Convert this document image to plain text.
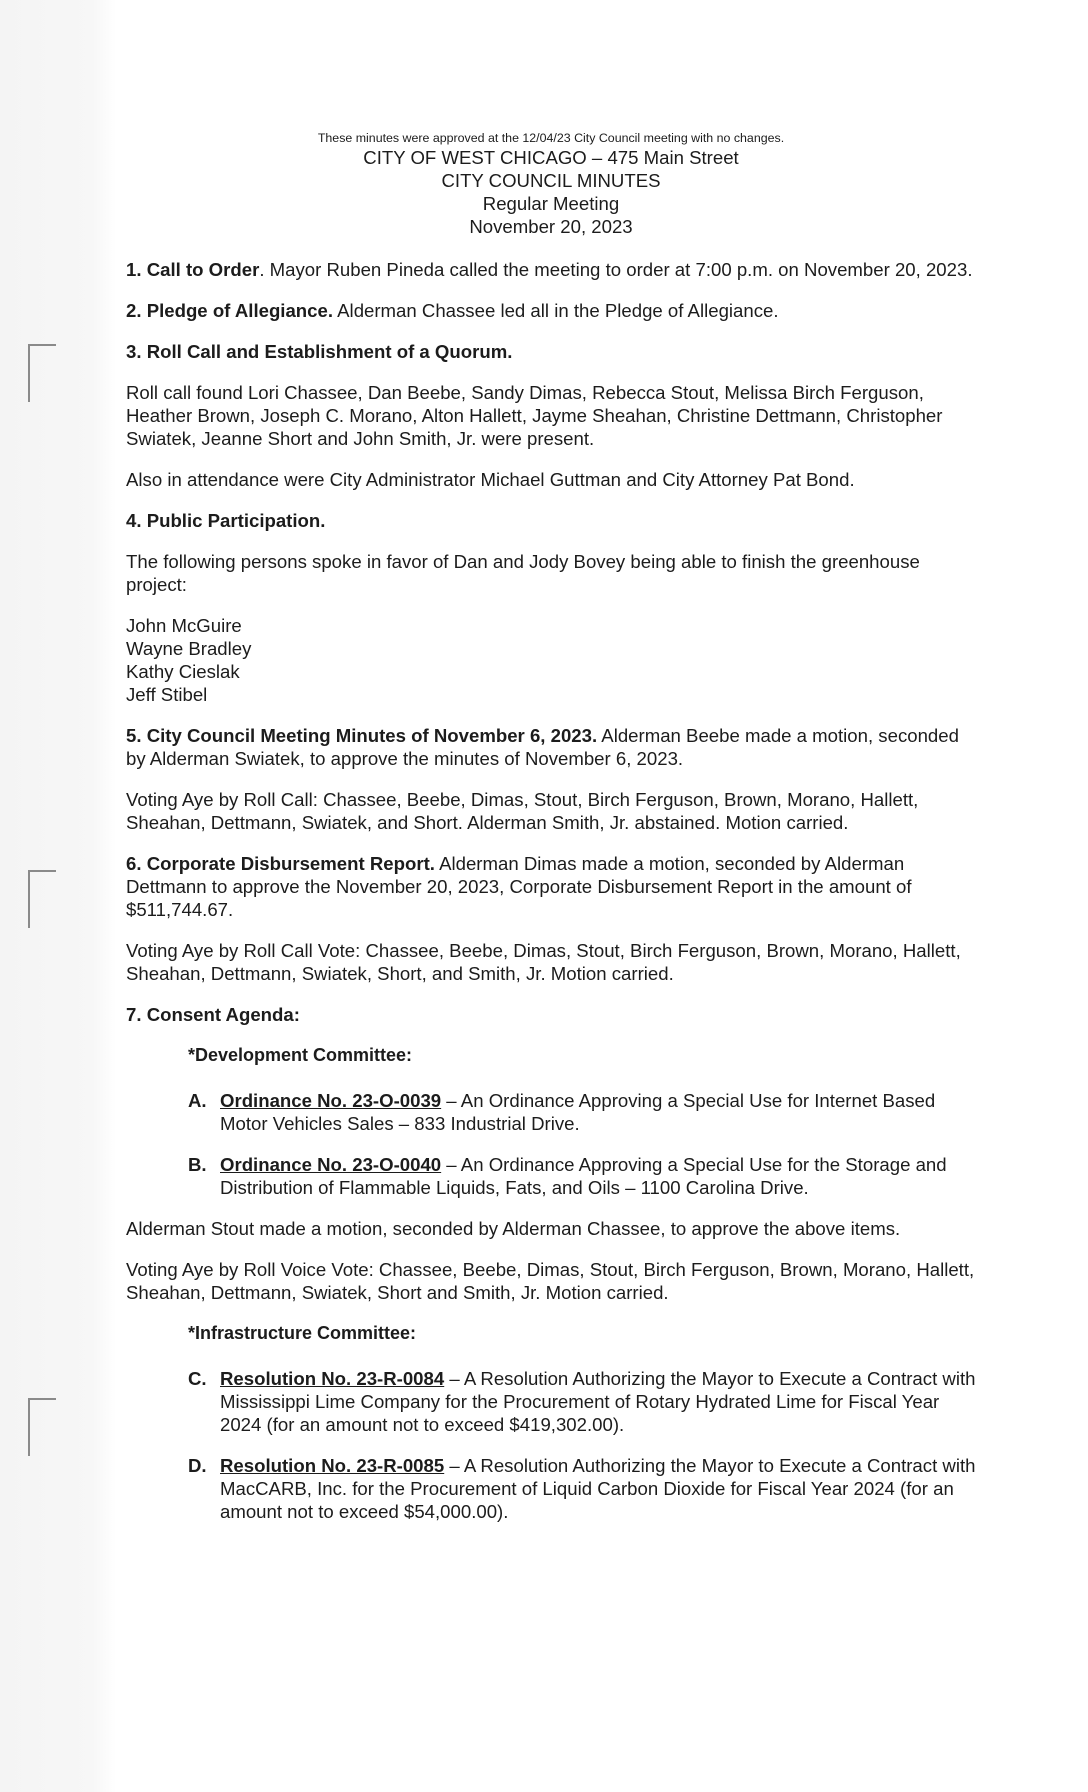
These minutes were approved at the 12/04/23 City Council meeting with no changes.
CITY OF WEST CHICAGO – 475 Main Street
CITY COUNCIL MINUTES
Regular Meeting
November 20, 2023

1. Call to Order. Mayor Ruben Pineda called the meeting to order at 7:00 p.m. on November 20, 2023.

2. Pledge of Allegiance. Alderman Chassee led all in the Pledge of Allegiance.

3. Roll Call and Establishment of a Quorum.

Roll call found Lori Chassee, Dan Beebe, Sandy Dimas, Rebecca Stout, Melissa Birch Ferguson, Heather Brown, Joseph C. Morano, Alton Hallett, Jayme Sheahan, Christine Dettmann, Christopher Swiatek, Jeanne Short and John Smith, Jr. were present.

Also in attendance were City Administrator Michael Guttman and City Attorney Pat Bond.

4. Public Participation.

The following persons spoke in favor of Dan and Jody Bovey being able to finish the greenhouse project:

John McGuire

Wayne Bradley

Kathy Cieslak

Jeff Stibel

5. City Council Meeting Minutes of November 6, 2023. Alderman Beebe made a motion, seconded by Alderman Swiatek, to approve the minutes of November 6, 2023.

Voting Aye by Roll Call: Chassee, Beebe, Dimas, Stout, Birch Ferguson, Brown, Morano, Hallett, Sheahan, Dettmann, Swiatek, and Short. Alderman Smith, Jr. abstained. Motion carried.

6. Corporate Disbursement Report. Alderman Dimas made a motion, seconded by Alderman Dettmann to approve the November 20, 2023, Corporate Disbursement Report in the amount of $511,744.67.

Voting Aye by Roll Call Vote: Chassee, Beebe, Dimas, Stout, Birch Ferguson, Brown, Morano, Hallett, Sheahan, Dettmann, Swiatek, Short, and Smith, Jr. Motion carried.

7. Consent Agenda:

*Development Committee:
A. Ordinance No. 23-O-0039 – An Ordinance Approving a Special Use for Internet Based Motor Vehicles Sales – 833 Industrial Drive.
B. Ordinance No. 23-O-0040 – An Ordinance Approving a Special Use for the Storage and Distribution of Flammable Liquids, Fats, and Oils – 1100 Carolina Drive.

Alderman Stout made a motion, seconded by Alderman Chassee, to approve the above items.

Voting Aye by Roll Voice Vote: Chassee, Beebe, Dimas, Stout, Birch Ferguson, Brown, Morano, Hallett, Sheahan, Dettmann, Swiatek, Short and Smith, Jr. Motion carried.

*Infrastructure Committee:
C. Resolution No. 23-R-0084 – A Resolution Authorizing the Mayor to Execute a Contract with Mississippi Lime Company for the Procurement of Rotary Hydrated Lime for Fiscal Year 2024 (for an amount not to exceed $419,302.00).
D. Resolution No. 23-R-0085 – A Resolution Authorizing the Mayor to Execute a Contract with MacCARB, Inc. for the Procurement of Liquid Carbon Dioxide for Fiscal Year 2024 (for an amount not to exceed $54,000.00).
